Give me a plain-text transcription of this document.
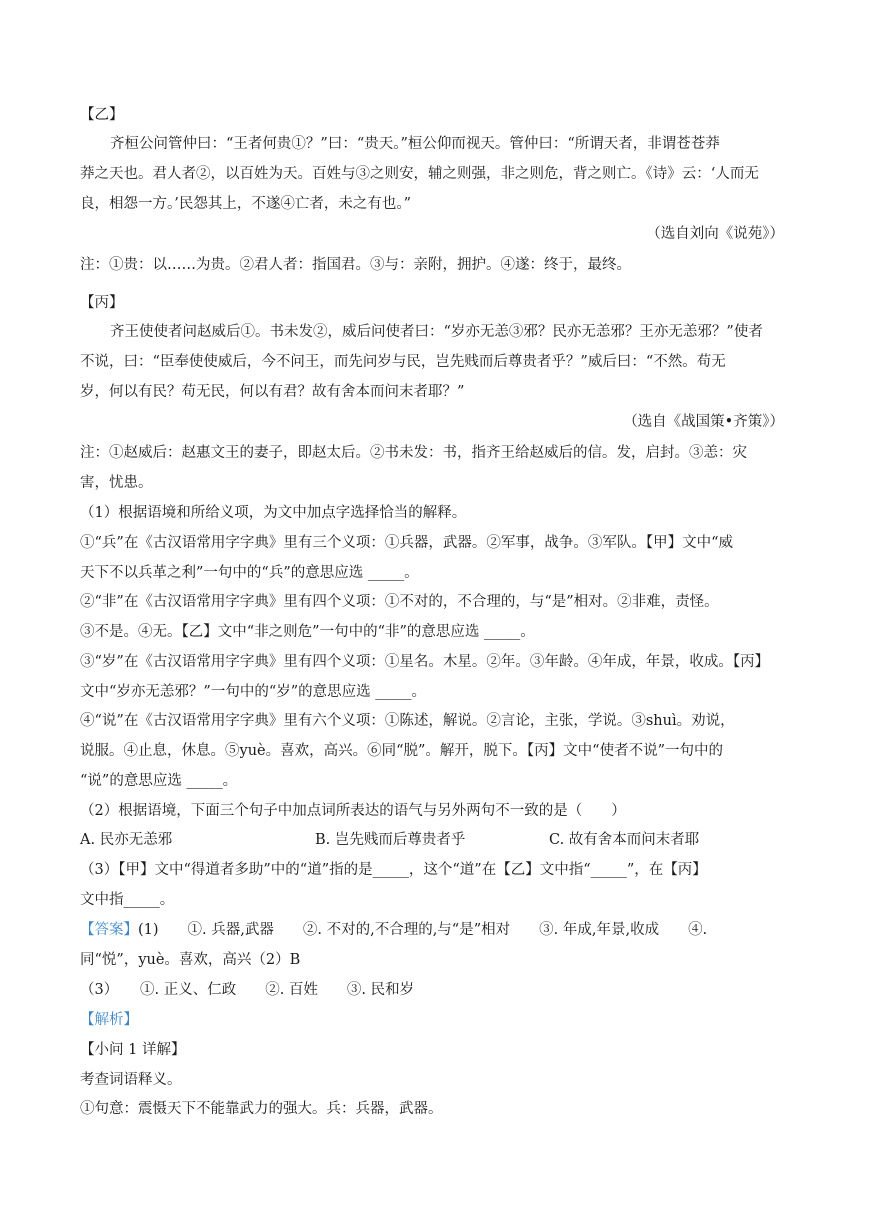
【乙】
齐桓公问管仲曰：“王者何贵①？”曰：“贵天。”桓公仰而视天。管仲曰：“所谓天者，非谓苍苍莽
莽之天也。君人者②，以百姓为天。百姓与③之则安，辅之则强，非之则危，背之则亡。《诗》云：‘人而无
良，相怨一方。’民怨其上，不遂④亡者，未之有也。”
（选自刘向《说苑》）
注：①贵：以……为贵。②君人者：指国君。③与：亲附，拥护。④遂：终于，最终。
【丙】
齐王使使者问赵威后①。书未发②，威后问使者曰：“岁亦无恙③邪？民亦无恙邪？王亦无恙邪？”使者
不说，曰：“臣奉使使威后，今不问王，而先问岁与民，岂先贱而后尊贵者乎？”威后曰：“不然。苟无
岁，何以有民？苟无民，何以有君？故有舍本而问末者耶？”
（选自《战国策•齐策》）
注：①赵威后：赵惠文王的妻子，即赵太后。②书未发：书，指齐王给赵威后的信。发，启封。③恙：灾
害，忧患。
（1）根据语境和所给义项，为文中加点字选择恰当的解释。
①“兵”在《古汉语常用字字典》里有三个义项：①兵器，武器。②军事，战争。③军队。【甲】文中“威
天下不以兵革之利”一句中的“兵”的意思应选 _____。
②“非”在《古汉语常用字字典》里有四个义项：①不对的，不合理的，与“是”相对。②非难，责怪。
③不是。④无。【乙】文中“非之则危”一句中的“非”的意思应选 _____。
③“岁”在《古汉语常用字字典》里有四个义项：①星名。木星。②年。③年龄。④年成，年景，收成。【丙】
文中“岁亦无恙邪？”一句中的“岁”的意思应选 _____。
④“说”在《古汉语常用字字典》里有六个义项：①陈述，解说。②言论，主张，学说。③shuì。劝说，
说服。④止息，休息。⑤yuè。喜欢，高兴。⑥同“脱”。解开，脱下。【丙】文中“使者不说”一句中的
“说”的意思应选 _____。
（2）根据语境，下面三个句子中加点词所表达的语气与另外两句不一致的是（　　）
A. 民亦无恙邪	B. 岂先贱而后尊贵者乎	C. 故有舍本而问末者耶
（3）【甲】文中“得道者多助”中的“道”指的是_____，这个“道”在【乙】文中指“_____”，在【丙】
文中指_____。
【答案】(1)　　①. 兵器,武器　　②. 不对的,不合理的,与“是”相对　　③. 年成,年景,收成　　④.
同“悦”，yuè。喜欢，高兴（2）B
（3）　　①. 正义、仁政　　②. 百姓　　③. 民和岁
【解析】
【小问 1 详解】
考查词语释义。
①句意：震慑天下不能靠武力的强大。兵：兵器，武器。
